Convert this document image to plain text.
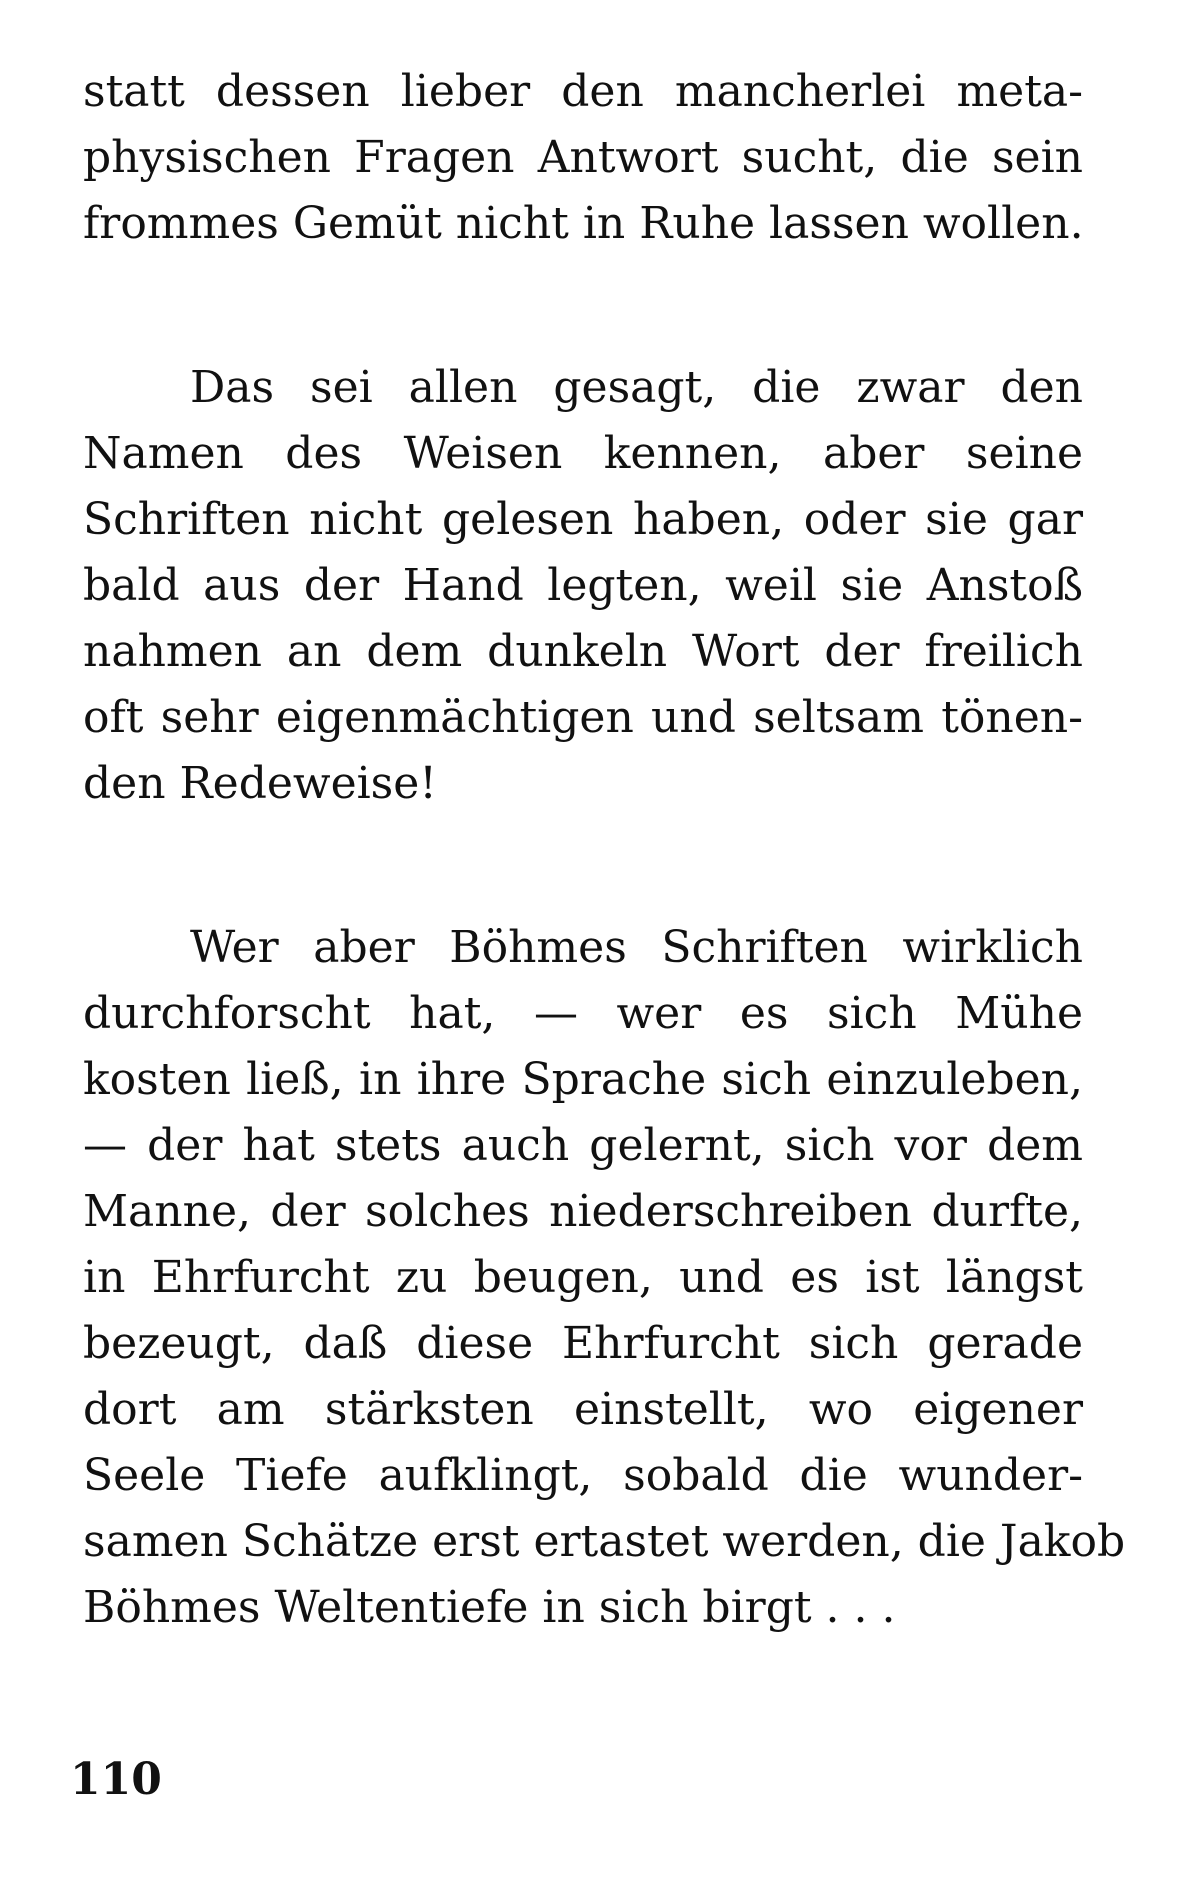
statt dessen lieber den mancherlei meta-
physischen Fragen Antwort sucht, die sein
frommes Gemüt nicht in Ruhe lassen wollen.
Das sei allen gesagt, die zwar den
Namen des Weisen kennen, aber seine
Schriften nicht gelesen haben, oder sie gar
bald aus der Hand legten, weil sie Anstoß
nahmen an dem dunkeln Wort der freilich
oft sehr eigenmächtigen und seltsam tönen-
den Redeweise!
Wer aber Böhmes Schriften wirklich
durchforscht hat, — wer es sich Mühe
kosten ließ, in ihre Sprache sich einzuleben,
— der hat stets auch gelernt, sich vor dem
Manne, der solches niederschreiben durfte,
in Ehrfurcht zu beugen, und es ist längst
bezeugt, daß diese Ehrfurcht sich gerade
dort am stärksten einstellt, wo eigener
Seele Tiefe aufklingt, sobald die wunder-
samen Schätze erst ertastet werden, die Jakob
Böhmes Weltentiefe in sich birgt . . .
110
